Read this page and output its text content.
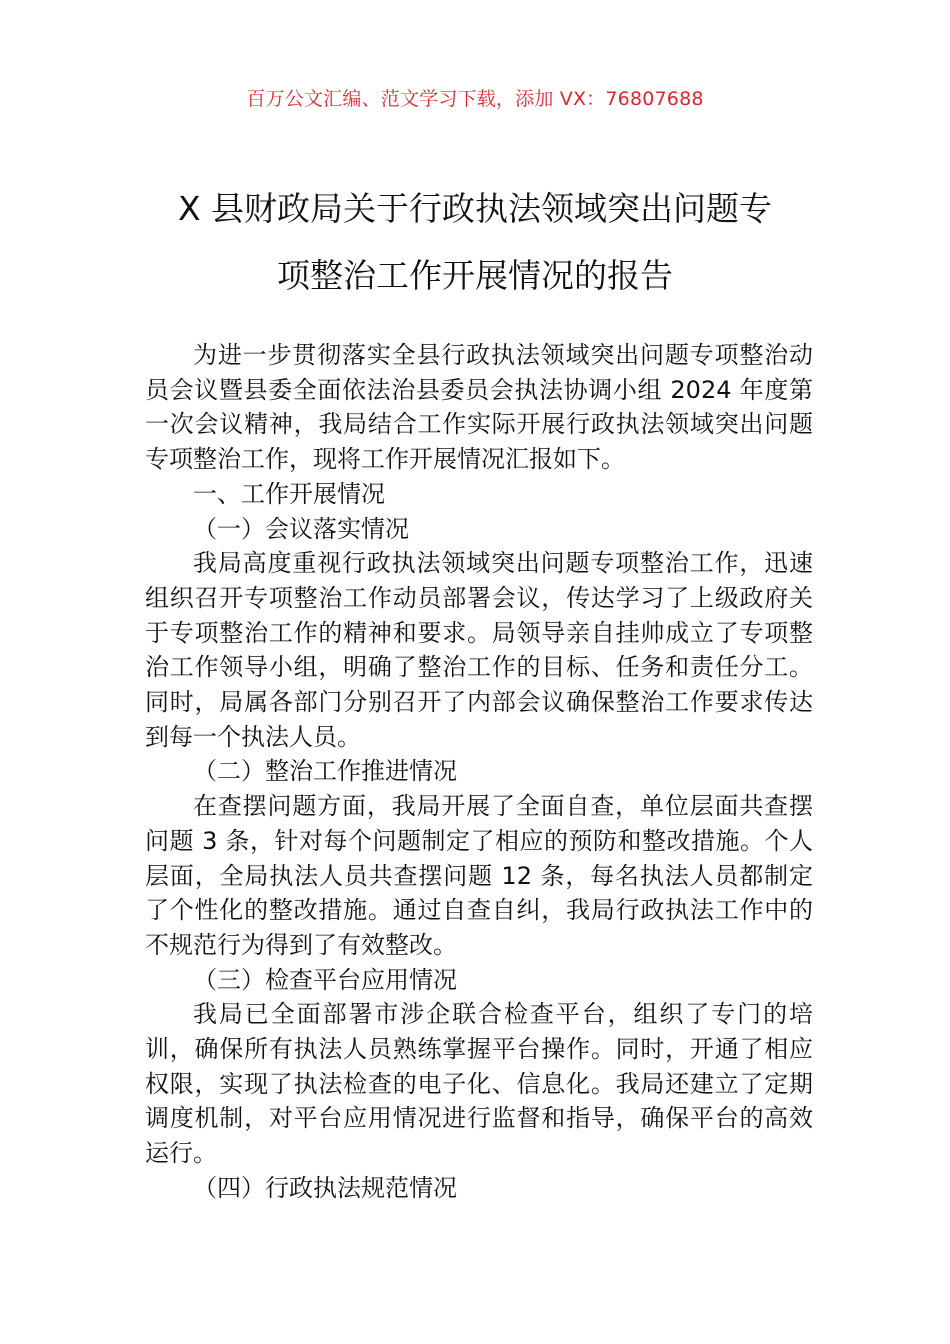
百万公文汇编、范文学习下载，添加 VX：76807688
X 县财政局关于行政执法领域突出问题专
项整治工作开展情况的报告

为进一步贯彻落实全县行政执法领域突出问题专项整治动员会议暨县委全面依法治县委员会执法协调小组 2024 年度第一次会议精神，我局结合工作实际开展行政执法领域突出问题专项整治工作，现将工作开展情况汇报如下。

一、工作开展情况

（一）会议落实情况

我局高度重视行政执法领域突出问题专项整治工作，迅速组织召开专项整治工作动员部署会议，传达学习了上级政府关于专项整治工作的精神和要求。局领导亲自挂帅成立了专项整治工作领导小组，明确了整治工作的目标、任务和责任分工。同时，局属各部门分别召开了内部会议确保整治工作要求传达到每一个执法人员。

（二）整治工作推进情况

在查摆问题方面，我局开展了全面自查，单位层面共查摆问题 3 条，针对每个问题制定了相应的预防和整改措施。个人层面，全局执法人员共查摆问题 12 条，每名执法人员都制定了个性化的整改措施。通过自查自纠，我局行政执法工作中的不规范行为得到了有效整改。

（三）检查平台应用情况

我局已全面部署市涉企联合检查平台，组织了专门的培训，确保所有执法人员熟练掌握平台操作。同时，开通了相应权限，实现了执法检查的电子化、信息化。我局还建立了定期调度机制，对平台应用情况进行监督和指导，确保平台的高效运行。

（四）行政执法规范情况
